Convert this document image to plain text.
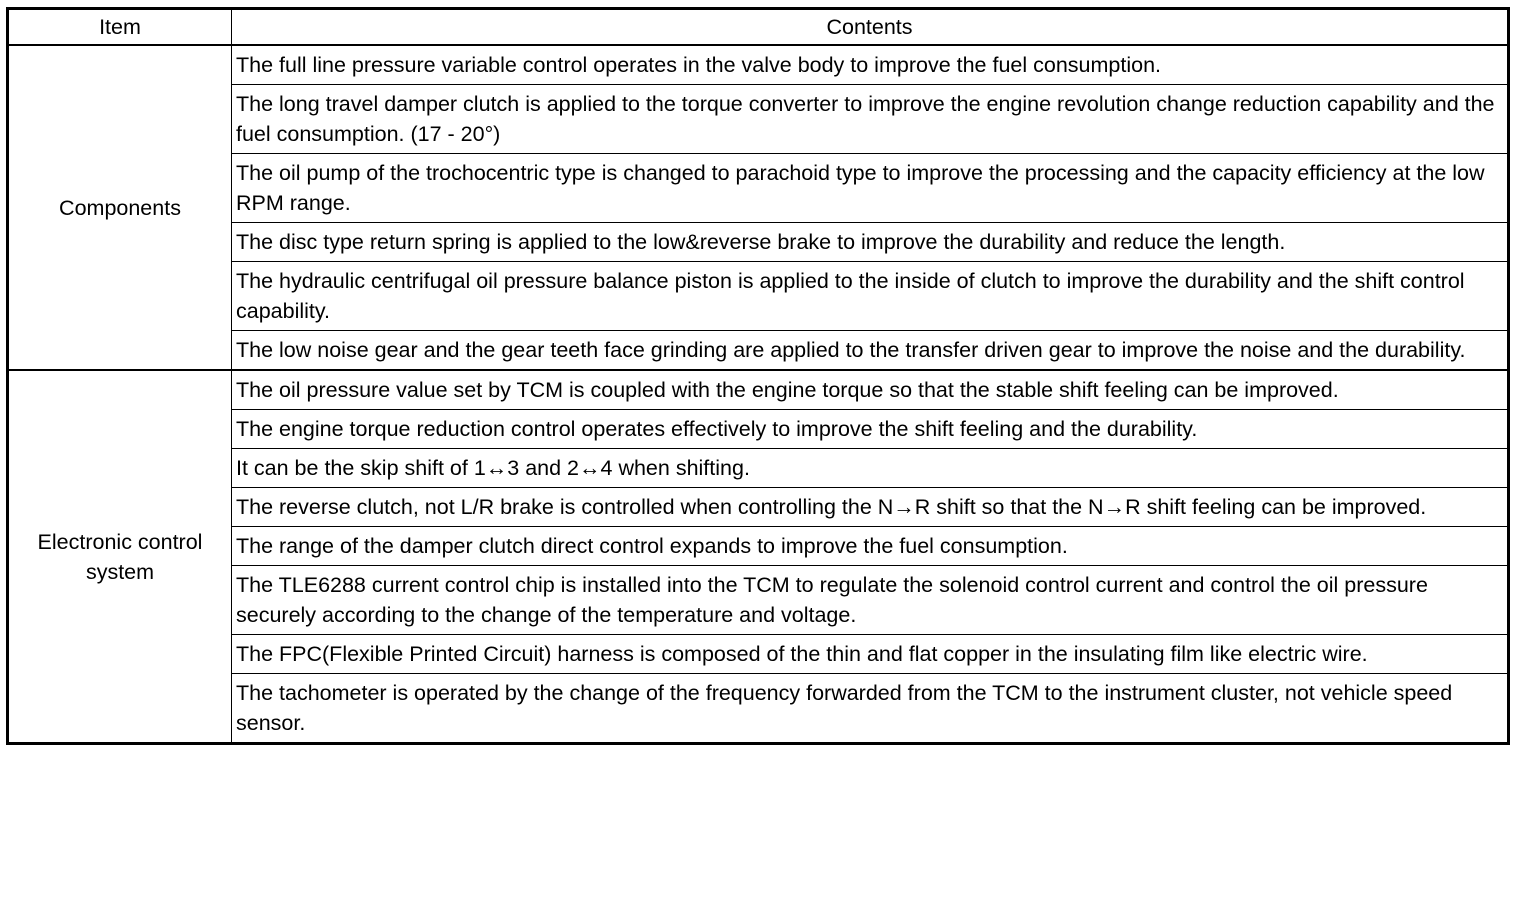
Item	Contents
Components	The full line pressure variable control operates in the valve body to improve the fuel consumption.
	The long travel damper clutch is applied to the torque converter to improve the engine revolution change reduction capability and the fuel consumption. (17 - 20°)
	The oil pump of the trochocentric type is changed to parachoid type to improve the processing and the capacity efficiency at the low RPM range.
	The disc type return spring is applied to the low&reverse brake to improve the durability and reduce the length.
	The hydraulic centrifugal oil pressure balance piston is applied to the inside of clutch to improve the durability and the shift control capability.
	The low noise gear and the gear teeth face grinding are applied to the transfer driven gear to improve the noise and the durability.
Electronic control system	The oil pressure value set by TCM is coupled with the engine torque so that the stable shift feeling can be improved.
	The engine torque reduction control operates effectively to improve the shift feeling and the durability.
	It can be the skip shift of 1↔3 and 2↔4 when shifting.
	The reverse clutch, not L/R brake is controlled when controlling the N→R shift so that the N→R shift feeling can be improved.
	The range of the damper clutch direct control expands to improve the fuel consumption.
	The TLE6288 current control chip is installed into the TCM to regulate the solenoid control current and control the oil pressure securely according to the change of the temperature and voltage.
	The FPC(Flexible Printed Circuit) harness is composed of the thin and flat copper in the insulating film like electric wire.
	The tachometer is operated by the change of the frequency forwarded from the TCM to the instrument cluster, not vehicle speed sensor.
